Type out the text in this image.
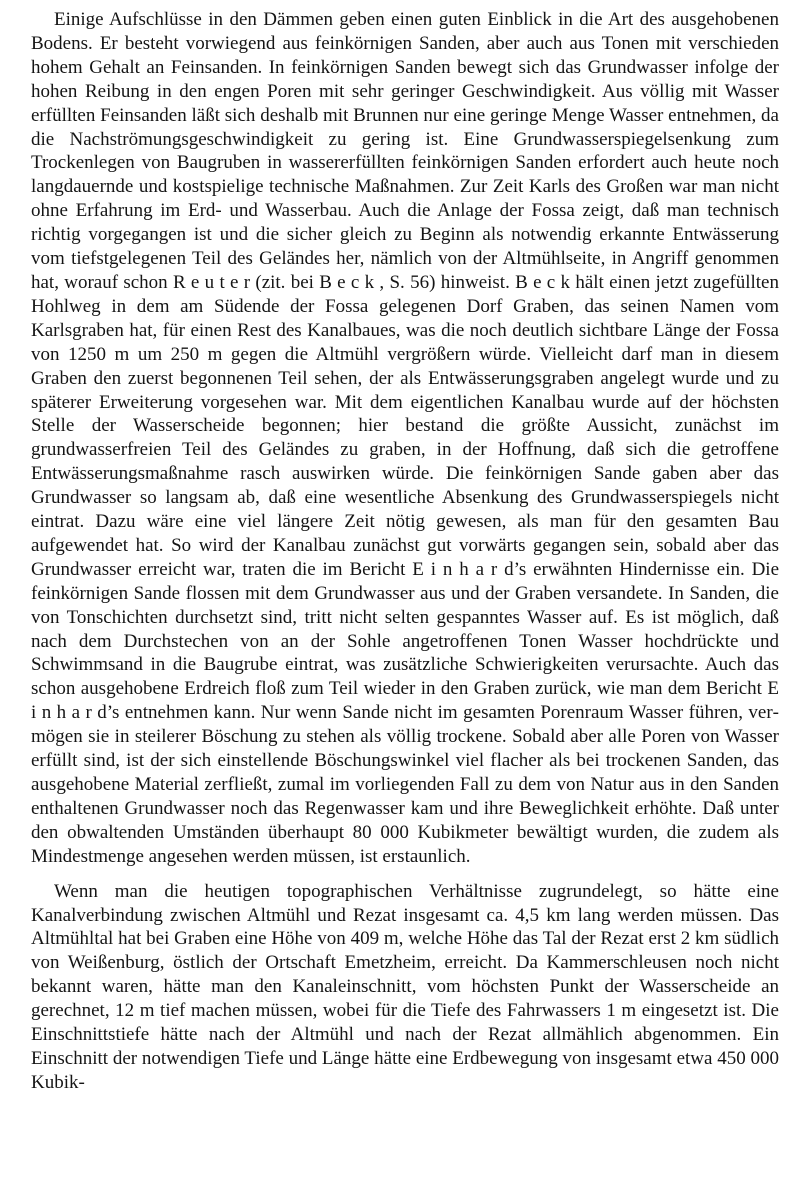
Einige Aufschlüsse in den Dämmen geben einen guten Einblick in die Art des ausgehobenen Bodens. Er besteht vorwiegend aus feinkörnigen Sanden, aber auch aus Tonen mit verschieden hohem Gehalt an Feinsanden. In feinkörnigen Sanden bewegt sich das Grundwasser infolge der hohen Reibung in den engen Poren mit sehr geringer Geschwindigkeit. Aus völlig mit Wasser erfüllten Feinsanden läßt sich deshalb mit Brunnen nur eine geringe Menge Wasser entnehmen, da die Nachströmungsgeschwindigkeit zu gering ist. Eine Grundwasserspiegelsenkung zum Trockenlegen von Baugruben in wassererfüllten feinkörnigen Sanden erfordert auch heute noch langdauernde und kostspielige technische Maßnahmen. Zur Zeit Karls des Großen war man nicht ohne Erfahrung im Erd- und Wasserbau. Auch die Anlage der Fossa zeigt, daß man technisch richtig vorgegangen ist und die sicher gleich zu Beginn als notwendig erkannte Entwässerung vom tiefstgelegenen Teil des Geländes her, nämlich von der Altmühlseite, in Angriff genommen hat, worauf schon R e u t e r (zit. bei B e c k , S. 56) hinweist. B e c k hält einen jetzt zugefüllten Hohlweg in dem am Südende der Fossa gelegenen Dorf Graben, das seinen Namen vom Karlsgraben hat, für einen Rest des Kanalbaues, was die noch deutlich sichtbare Länge der Fossa von 1250 m um 250 m gegen die Altmühl vergrößern würde. Vielleicht darf man in diesem Graben den zuerst begonnenen Teil sehen, der als Entwässerungsgraben angelegt wurde und zu späterer Erweiterung vorgesehen war. Mit dem eigentlichen Kanalbau wurde auf der höchsten Stelle der Wasserscheide begonnen; hier bestand die größte Aussicht, zunächst im grundwasserfreien Teil des Geländes zu graben, in der Hoffnung, daß sich die getroffene Entwässerungsmaßnahme rasch auswirken würde. Die feinkörnigen Sande gaben aber das Grundwasser so langsam ab, daß eine wesentliche Absenkung des Grundwasserspiegels nicht eintrat. Dazu wäre eine viel längere Zeit nötig gewesen, als man für den gesamten Bau aufgewendet hat. So wird der Kanalbau zunächst gut vorwärts gegangen sein, sobald aber das Grundwasser erreicht war, traten die im Bericht E i n h a r d’s erwähnten Hindernisse ein. Die feinkörnigen Sande flossen mit dem Grundwasser aus und der Graben versandete. In Sanden, die von Tonschichten durchsetzt sind, tritt nicht selten gespanntes Wasser auf. Es ist möglich, daß nach dem Durchstechen von an der Sohle angetroffenen Tonen Wasser hochdrückte und Schwimmsand in die Baugrube eintrat, was zusätzliche Schwierigkeiten verursachte. Auch das schon ausgehobene Erdreich floß zum Teil wieder in den Graben zurück, wie man dem Bericht E i n h a r d’s entnehmen kann. Nur wenn Sande nicht im gesamten Porenraum Wasser führen, vermögen sie in steilerer Böschung zu stehen als völlig trockene. Sobald aber alle Poren von Wasser erfüllt sind, ist der sich einstellende Böschungswinkel viel flacher als bei trockenen Sanden, das ausgehobene Material zerfließt, zumal im vorliegenden Fall zu dem von Natur aus in den Sanden enthaltenen Grundwasser noch das Regenwasser kam und ihre Beweglichkeit erhöhte. Daß unter den obwaltenden Umständen überhaupt 80 000 Kubikmeter bewältigt wurden, die zudem als Mindestmenge angesehen werden müssen, ist erstaunlich.

Wenn man die heutigen topographischen Verhältnisse zugrundelegt, so hätte eine Kanalverbindung zwischen Altmühl und Rezat insgesamt ca. 4,5 km lang werden müssen. Das Altmühltal hat bei Graben eine Höhe von 409 m, welche Höhe das Tal der Rezat erst 2 km südlich von Weißenburg, östlich der Ortschaft Emetzheim, erreicht. Da Kammerschleusen noch nicht bekannt waren, hätte man den Kanaleinschnitt, vom höchsten Punkt der Wasserscheide an gerechnet, 12 m tief machen müssen, wobei für die Tiefe des Fahrwassers 1 m eingesetzt ist. Die Einschnittstiefe hätte nach der Altmühl und nach der Rezat allmählich abgenommen. Ein Einschnitt der notwendigen Tiefe und Länge hätte eine Erdbewegung von insgesamt etwa 450 000 Kubik-
